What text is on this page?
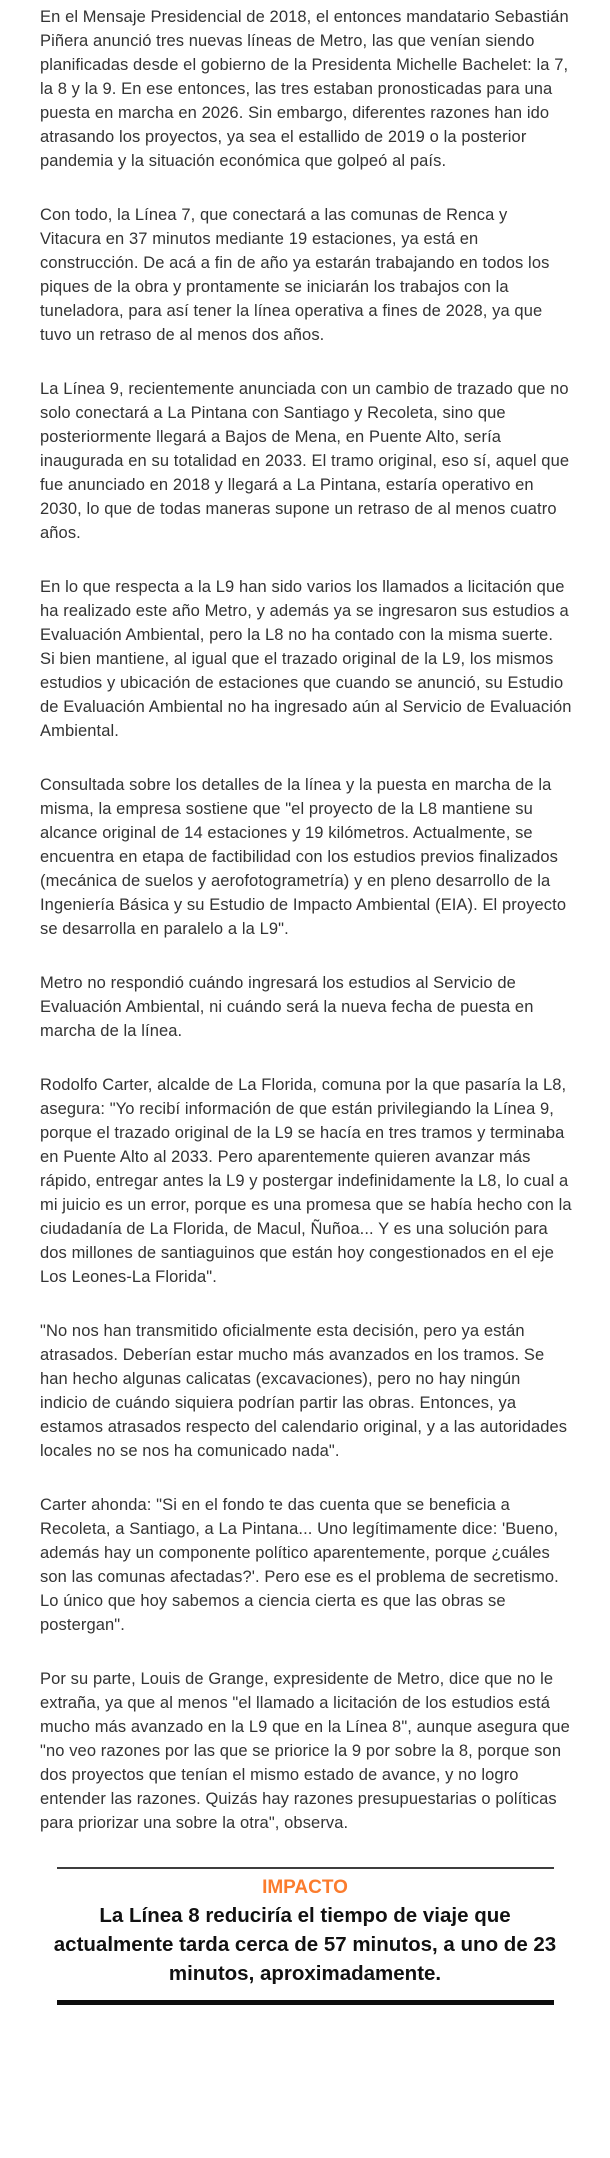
En el Mensaje Presidencial de 2018, el entonces mandatario Sebastián Piñera anunció tres nuevas líneas de Metro, las que venían siendo planificadas desde el gobierno de la Presidenta Michelle Bachelet: la 7, la 8 y la 9. En ese entonces, las tres estaban pronosticadas para una puesta en marcha en 2026. Sin embargo, diferentes razones han ido atrasando los proyectos, ya sea el estallido de 2019 o la posterior pandemia y la situación económica que golpeó al país.

Con todo, la Línea 7, que conectará a las comunas de Renca y Vitacura en 37 minutos mediante 19 estaciones, ya está en construcción. De acá a fin de año ya estarán trabajando en todos los piques de la obra y prontamente se iniciarán los trabajos con la tuneladora, para así tener la línea operativa a fines de 2028, ya que tuvo un retraso de al menos dos años.

La Línea 9, recientemente anunciada con un cambio de trazado que no solo conectará a La Pintana con Santiago y Recoleta, sino que posteriormente llegará a Bajos de Mena, en Puente Alto, sería inaugurada en su totalidad en 2033. El tramo original, eso sí, aquel que fue anunciado en 2018 y llegará a La Pintana, estaría operativo en 2030, lo que de todas maneras supone un retraso de al menos cuatro años.

En lo que respecta a la L9 han sido varios los llamados a licitación que ha realizado este año Metro, y además ya se ingresaron sus estudios a Evaluación Ambiental, pero la L8 no ha contado con la misma suerte. Si bien mantiene, al igual que el trazado original de la L9, los mismos estudios y ubicación de estaciones que cuando se anunció, su Estudio de Evaluación Ambiental no ha ingresado aún al Servicio de Evaluación Ambiental.

Consultada sobre los detalles de la línea y la puesta en marcha de la misma, la empresa sostiene que "el proyecto de la L8 mantiene su alcance original de 14 estaciones y 19 kilómetros. Actualmente, se encuentra en etapa de factibilidad con los estudios previos finalizados (mecánica de suelos y aerofotogrametría) y en pleno desarrollo de la Ingeniería Básica y su Estudio de Impacto Ambiental (EIA). El proyecto se desarrolla en paralelo a la L9".

Metro no respondió cuándo ingresará los estudios al Servicio de Evaluación Ambiental, ni cuándo será la nueva fecha de puesta en marcha de la línea.

Rodolfo Carter, alcalde de La Florida, comuna por la que pasaría la L8, asegura: "Yo recibí información de que están privilegiando la Línea 9, porque el trazado original de la L9 se hacía en tres tramos y terminaba en Puente Alto al 2033. Pero aparentemente quieren avanzar más rápido, entregar antes la L9 y postergar indefinidamente la L8, lo cual a mi juicio es un error, porque es una promesa que se había hecho con la ciudadanía de La Florida, de Macul, Ñuñoa... Y es una solución para dos millones de santiaguinos que están hoy congestionados en el eje Los Leones-La Florida".

"No nos han transmitido oficialmente esta decisión, pero ya están atrasados. Deberían estar mucho más avanzados en los tramos. Se han hecho algunas calicatas (excavaciones), pero no hay ningún indicio de cuándo siquiera podrían partir las obras. Entonces, ya estamos atrasados respecto del calendario original, y a las autoridades locales no se nos ha comunicado nada".

Carter ahonda: "Si en el fondo te das cuenta que se beneficia a Recoleta, a Santiago, a La Pintana... Uno legítimamente dice: 'Bueno, además hay un componente político aparentemente, porque ¿cuáles son las comunas afectadas?'. Pero ese es el problema de secretismo. Lo único que hoy sabemos a ciencia cierta es que las obras se postergan".

Por su parte, Louis de Grange, expresidente de Metro, dice que no le extraña, ya que al menos "el llamado a licitación de los estudios está mucho más avanzado en la L9 que en la Línea 8", aunque asegura que "no veo razones por las que se priorice la 9 por sobre la 8, porque son dos proyectos que tenían el mismo estado de avance, y no logro entender las razones. Quizás hay razones presupuestarias o políticas para priorizar una sobre la otra", observa.

IMPACTO
La Línea 8 reduciría el tiempo de viaje que actualmente tarda cerca de 57 minutos, a uno de 23 minutos, aproximadamente.
